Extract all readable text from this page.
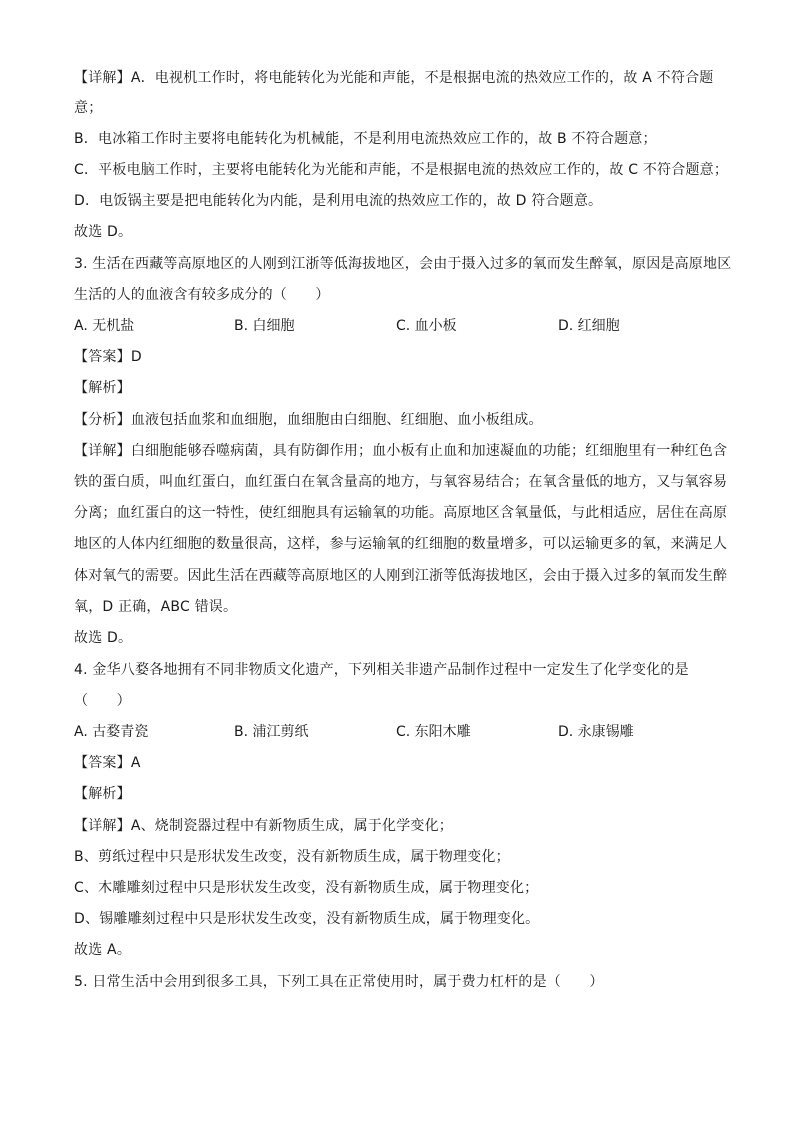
【详解】A．电视机工作时，将电能转化为光能和声能，不是根据电流的热效应工作的，故 A 不符合题
意；
B．电冰箱工作时主要将电能转化为机械能，不是利用电流热效应工作的，故 B 不符合题意；
C．平板电脑工作时，主要将电能转化为光能和声能，不是根据电流的热效应工作的，故 C 不符合题意；
D．电饭锅主要是把电能转化为内能，是利用电流的热效应工作的，故 D 符合题意。
故选 D。
3. 生活在西藏等高原地区的人刚到江浙等低海拔地区，会由于摄入过多的氧而发生醉氧，原因是高原地区
生活的人的血液含有较多成分的（　　）
A. 无机盐	B. 白细胞	C. 血小板	D. 红细胞
【答案】D
【解析】
【分析】血液包括血浆和血细胞，血细胞由白细胞、红细胞、血小板组成。
【详解】白细胞能够吞噬病菌，具有防御作用；血小板有止血和加速凝血的功能；红细胞里有一种红色含
铁的蛋白质，叫血红蛋白，血红蛋白在氧含量高的地方，与氧容易结合；在氧含量低的地方，又与氧容易
分离；血红蛋白的这一特性，使红细胞具有运输氧的功能。高原地区含氧量低，与此相适应，居住在高原
地区的人体内红细胞的数量很高，这样，参与运输氧的红细胞的数量增多，可以运输更多的氧，来满足人
体对氧气的需要。因此生活在西藏等高原地区的人刚到江浙等低海拔地区，会由于摄入过多的氧而发生醉
氧，D 正确，ABC 错误。
故选 D。
4. 金华八婺各地拥有不同非物质文化遗产，下列相关非遗产品制作过程中一定发生了化学变化的是
（　　）
A. 古婺青瓷	B. 浦江剪纸	C. 东阳木雕	D. 永康锡雕
【答案】A
【解析】
【详解】A、烧制瓷器过程中有新物质生成，属于化学变化；
B、剪纸过程中只是形状发生改变，没有新物质生成，属于物理变化；
C、木雕雕刻过程中只是形状发生改变，没有新物质生成，属于物理变化；
D、锡雕雕刻过程中只是形状发生改变，没有新物质生成，属于物理变化。
故选 A。
5. 日常生活中会用到很多工具，下列工具在正常使用时，属于费力杠杆的是（　　）
